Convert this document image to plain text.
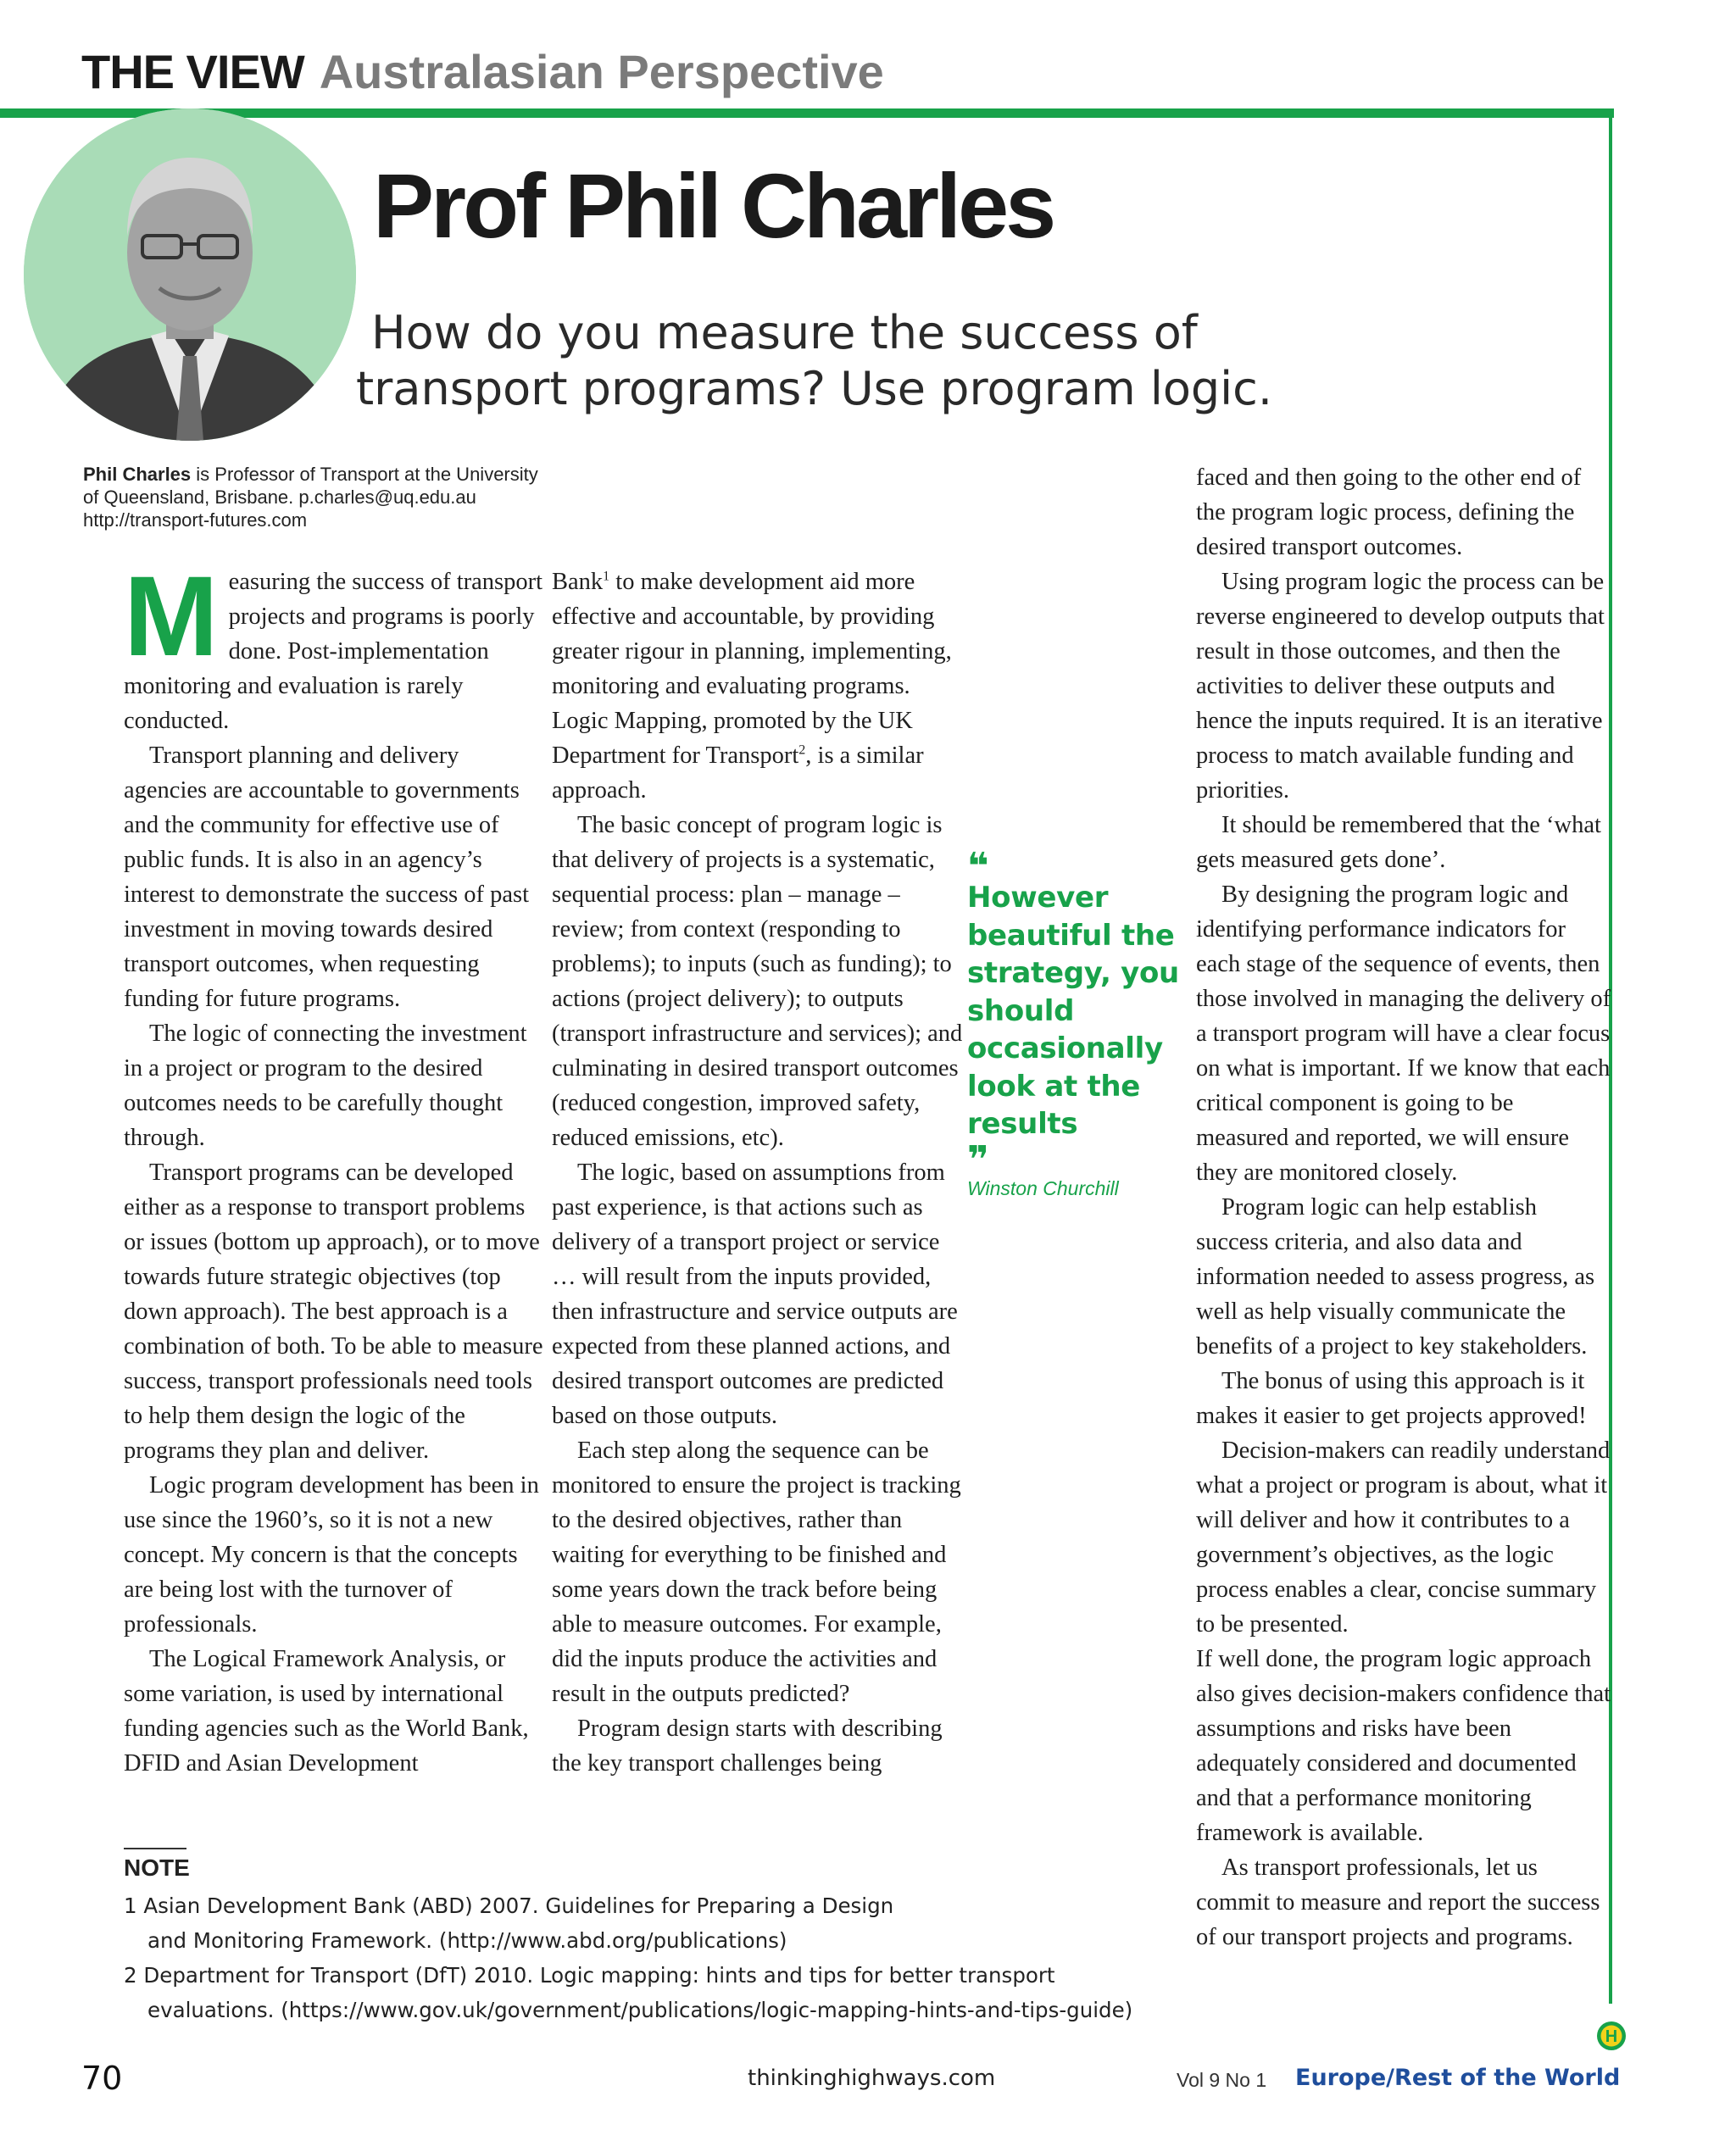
THE VIEW Australasian Perspective
Prof Phil Charles
How do you measure the success of
transport programs? Use program logic.
Phil Charles is Professor of Transport at the University
of Queensland, Brisbane. p.charles@uq.edu.au
http://transport-futures.com

Measuring the success of transport projects and programs is poorly done. Post-implementation monitoring and evaluation is rarely conducted.

Transport planning and delivery agencies are accountable to governments and the community for effective use of public funds. It is also in an agency’s interest to demonstrate the success of past investment in moving towards desired transport outcomes, when requesting funding for future programs.

The logic of connecting the investment in a project or program to the desired outcomes needs to be carefully thought through.

Transport programs can be developed either as a response to transport problems or issues (bottom up approach), or to move towards future strategic objectives (top down approach). The best approach is a combination of both. To be able to measure success, transport professionals need tools to help them design the logic of the programs they plan and deliver.

Logic program development has been in use since the 1960’s, so it is not a new concept. My concern is that the concepts are being lost with the turnover of professionals.

The Logical Framework Analysis, or some variation, is used by international funding agencies such as the World Bank, DFID and Asian Development

Bank$^1$ to make development aid more effective and accountable, by providing greater rigour in planning, implementing, monitoring and evaluating programs. Logic Mapping, promoted by the UK Department for Transport$^2$, is a similar approach.

The basic concept of program logic is that delivery of projects is a systematic, sequential process: plan – manage – review; from context (responding to problems); to inputs (such as funding); to actions (project delivery); to outputs (transport infrastructure and services); and culminating in desired transport outcomes (reduced congestion, improved safety, reduced emissions, etc).

The logic, based on assumptions from past experience, is that actions such as delivery of a transport project or service … will result from the inputs provided, then infrastructure and service outputs are expected from these planned actions, and desired transport outcomes are predicted based on those outputs.

Each step along the sequence can be monitored to ensure the project is tracking to the desired objectives, rather than waiting for everything to be finished and some years down the track before being able to measure outcomes. For example, did the inputs produce the activities and result in the outputs predicted?

Program design starts with describing the key transport challenges being

❝
However beautiful the strategy, you should occasionally look at the results
❞
Winston Churchill

faced and then going to the other end of the program logic process, defining the desired transport outcomes.

Using program logic the process can be reverse engineered to develop outputs that result in those outcomes, and then the activities to deliver these outputs and hence the inputs required. It is an iterative process to match available funding and priorities.

It should be remembered that the ‘what gets measured gets done’.

By designing the program logic and identifying performance indicators for each stage of the sequence of events, then those involved in managing the delivery of a transport program will have a clear focus on what is important. If we know that each critical component is going to be measured and reported, we will ensure they are monitored closely.

Program logic can help establish success criteria, and also data and information needed to assess progress, as well as help visually communicate the benefits of a project to key stakeholders.

The bonus of using this approach is it makes it easier to get projects approved!

Decision-makers can readily understand what a project or program is about, what it will deliver and how it contributes to a government’s objectives, as the logic process enables a clear, concise summary to be presented.

If well done, the program logic approach also gives decision-makers confidence that assumptions and risks have been adequately considered and documented and that a performance monitoring framework is available.

As transport professionals, let us commit to measure and report the success of our transport projects and programs.

NOTE
1 Asian Development Bank (ABD) 2007. Guidelines for Preparing a Design
and Monitoring Framework. (http://www.abd.org/publications)
2 Department for Transport (DfT) 2010. Logic mapping: hints and tips for better transport
evaluations. (https://www.gov.uk/government/publications/logic-mapping-hints-and-tips-guide)
70	thinkinghighways.com	Vol 9 No 1 Europe/Rest of the World
H
